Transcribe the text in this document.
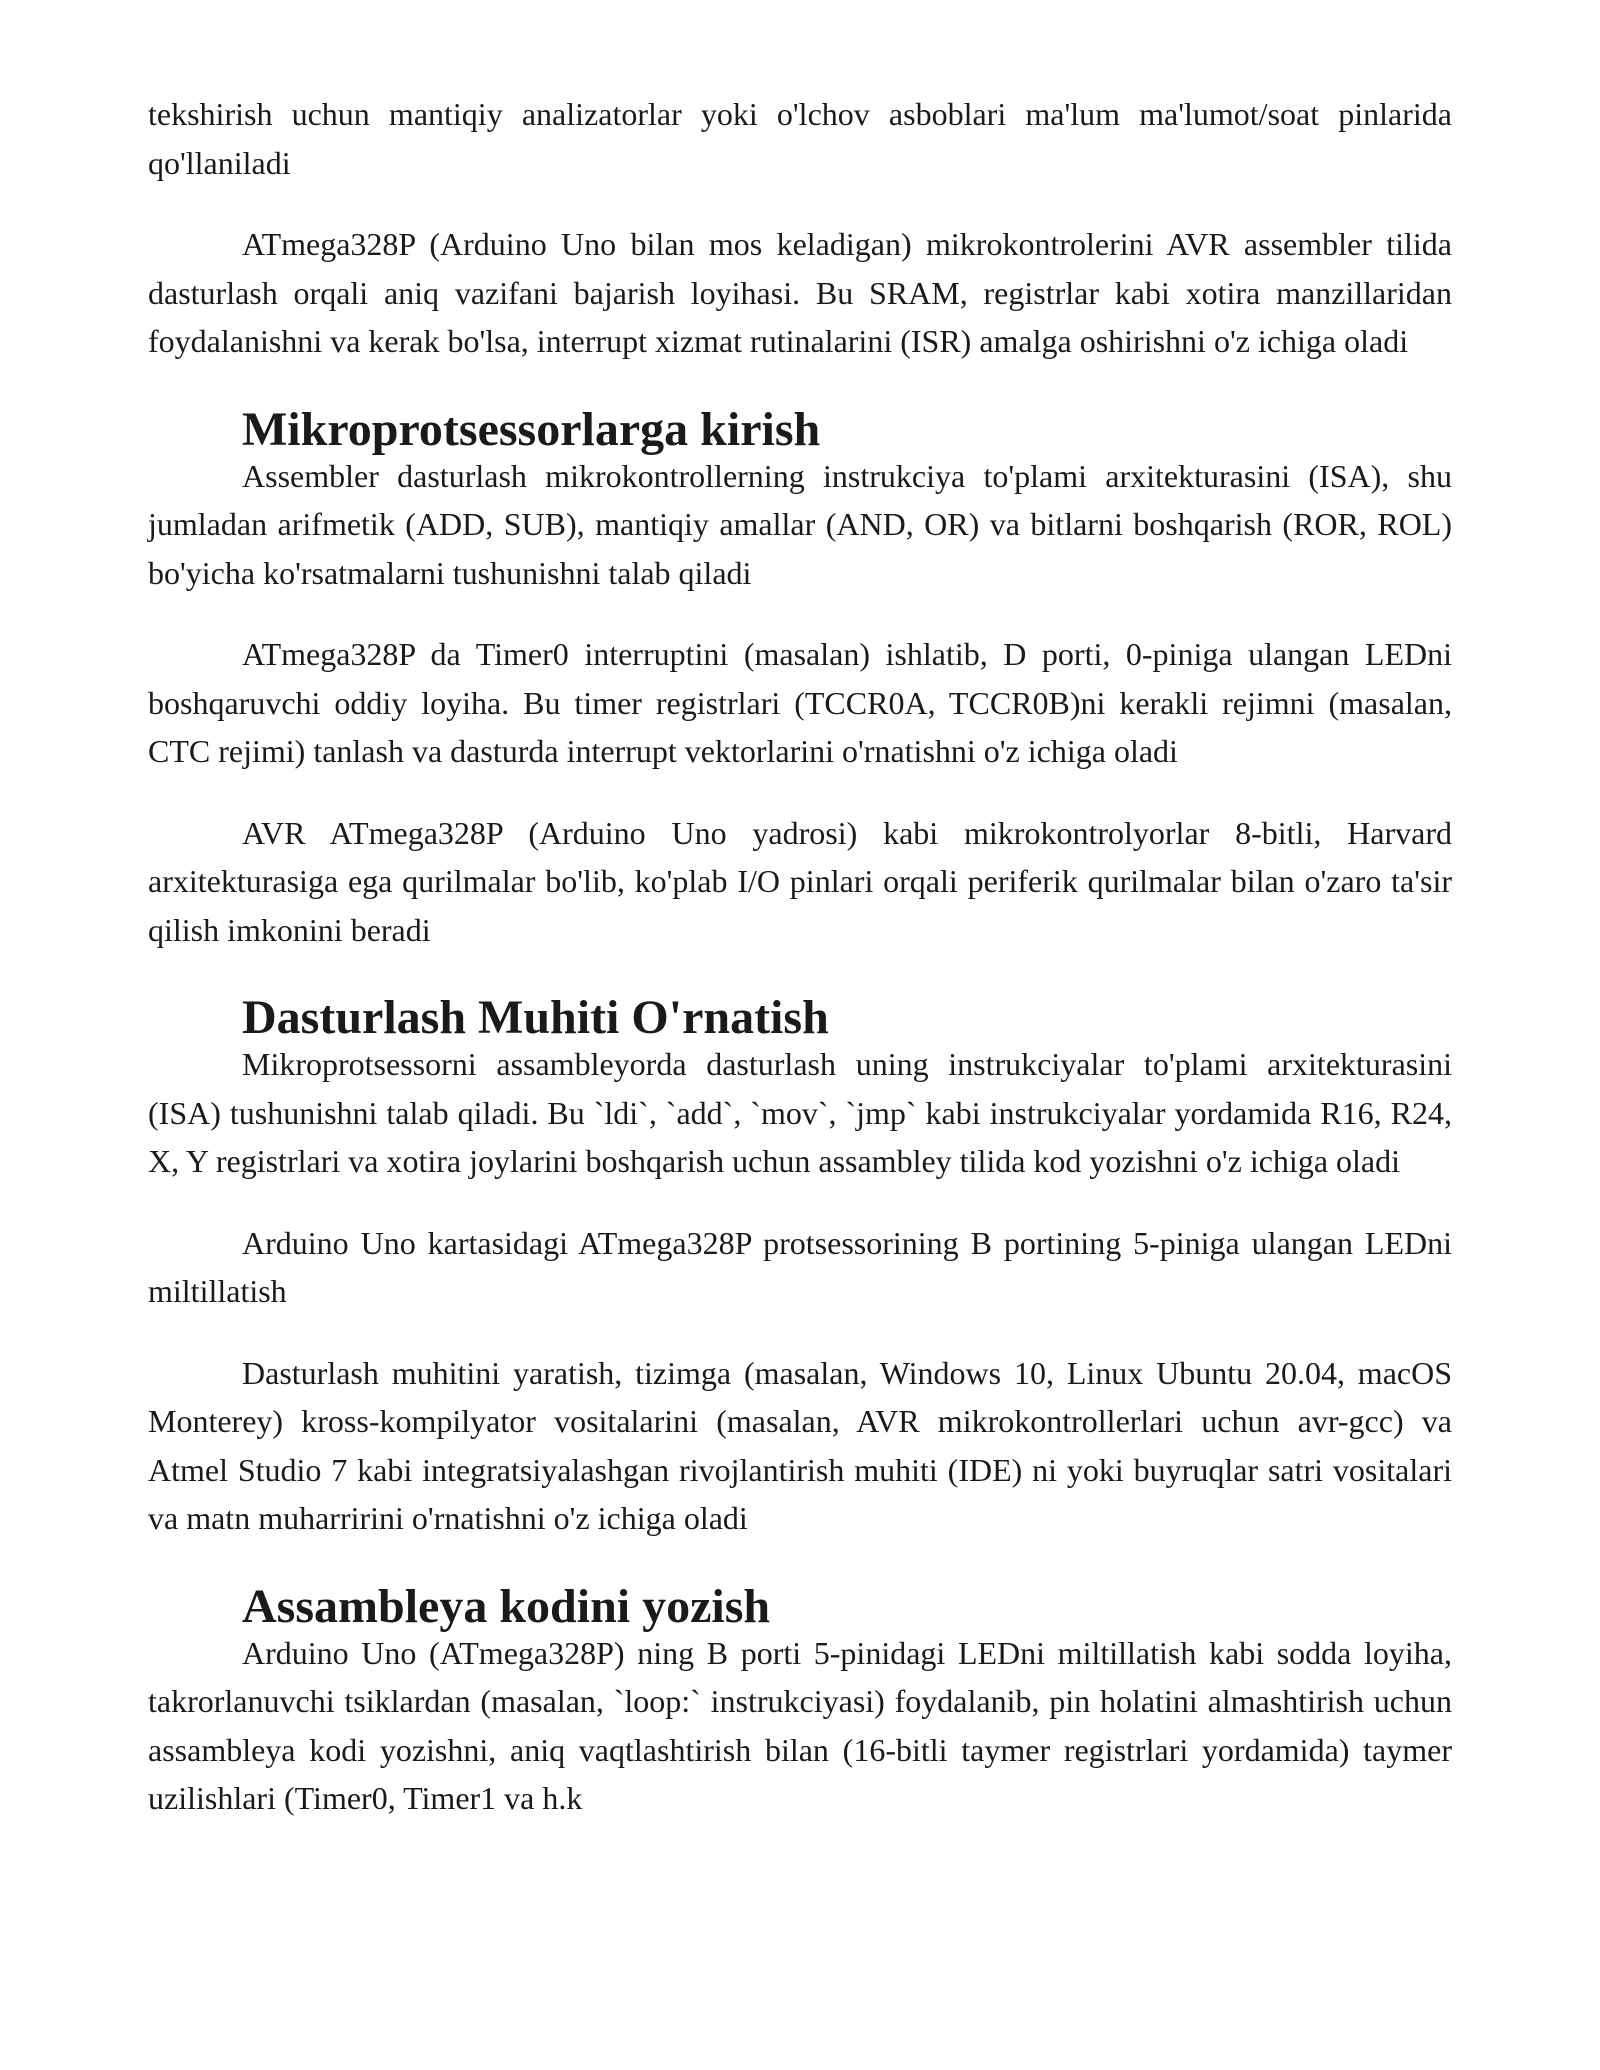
tekshirish uchun mantiqiy analizatorlar yoki o'lchov asboblari ma'lum ma'lumot/soat pinlarida qo'llaniladi

ATmega328P (Arduino Uno bilan mos keladigan) mikrokontrolerini AVR assembler tilida dasturlash orqali aniq vazifani bajarish loyihasi. Bu SRAM, registrlar kabi xotira manzillaridan foydalanishni va kerak bo'lsa, interrupt xizmat rutinalarini (ISR) amalga oshirishni o'z ichiga oladi

Mikroprotsessorlarga kirish

Assembler dasturlash mikrokontrollerning instrukciya to'plami arxitekturasini (ISA), shu jumladan arifmetik (ADD, SUB), mantiqiy amallar (AND, OR) va bitlarni boshqarish (ROR, ROL) bo'yicha ko'rsatmalarni tushunishni talab qiladi

ATmega328P da Timer0 interruptini (masalan) ishlatib, D porti, 0-piniga ulangan LEDni boshqaruvchi oddiy loyiha. Bu timer registrlari (TCCR0A, TCCR0B)ni kerakli rejimni (masalan, CTC rejimi) tanlash va dasturda interrupt vektorlarini o'rnatishni o'z ichiga oladi

AVR ATmega328P (Arduino Uno yadrosi) kabi mikrokontrolyorlar 8-bitli, Harvard arxitekturasiga ega qurilmalar bo'lib, ko'plab I/O pinlari orqali periferik qurilmalar bilan o'zaro ta'sir qilish imkonini beradi

Dasturlash Muhiti O'rnatish

Mikroprotsessorni assambleyorda dasturlash uning instrukciyalar to'plami arxitekturasini (ISA) tushunishni talab qiladi. Bu `ldi`, `add`, `mov`, `jmp` kabi instrukciyalar yordamida R16, R24, X, Y registrlari va xotira joylarini boshqarish uchun assambley tilida kod yozishni o'z ichiga oladi

Arduino Uno kartasidagi ATmega328P protsessorining B portining 5-piniga ulangan LEDni miltillatish

Dasturlash muhitini yaratish, tizimga (masalan, Windows 10, Linux Ubuntu 20.04, macOS Monterey) kross-kompilyator vositalarini (masalan, AVR mikrokontrollerlari uchun avr-gcc) va Atmel Studio 7 kabi integratsiyalashgan rivojlantirish muhiti (IDE) ni yoki buyruqlar satri vositalari va matn muharririni o'rnatishni o'z ichiga oladi

Assambleya kodini yozish

Arduino Uno (ATmega328P) ning B porti 5-pinidagi LEDni miltillatish kabi sodda loyiha, takrorlanuvchi tsiklardan (masalan, `loop:` instrukciyasi) foydalanib, pin holatini almashtirish uchun assambleya kodi yozishni, aniq vaqtlashtirish bilan (16-bitli taymer registrlari yordamida) taymer uzilishlari (Timer0, Timer1 va h.k
